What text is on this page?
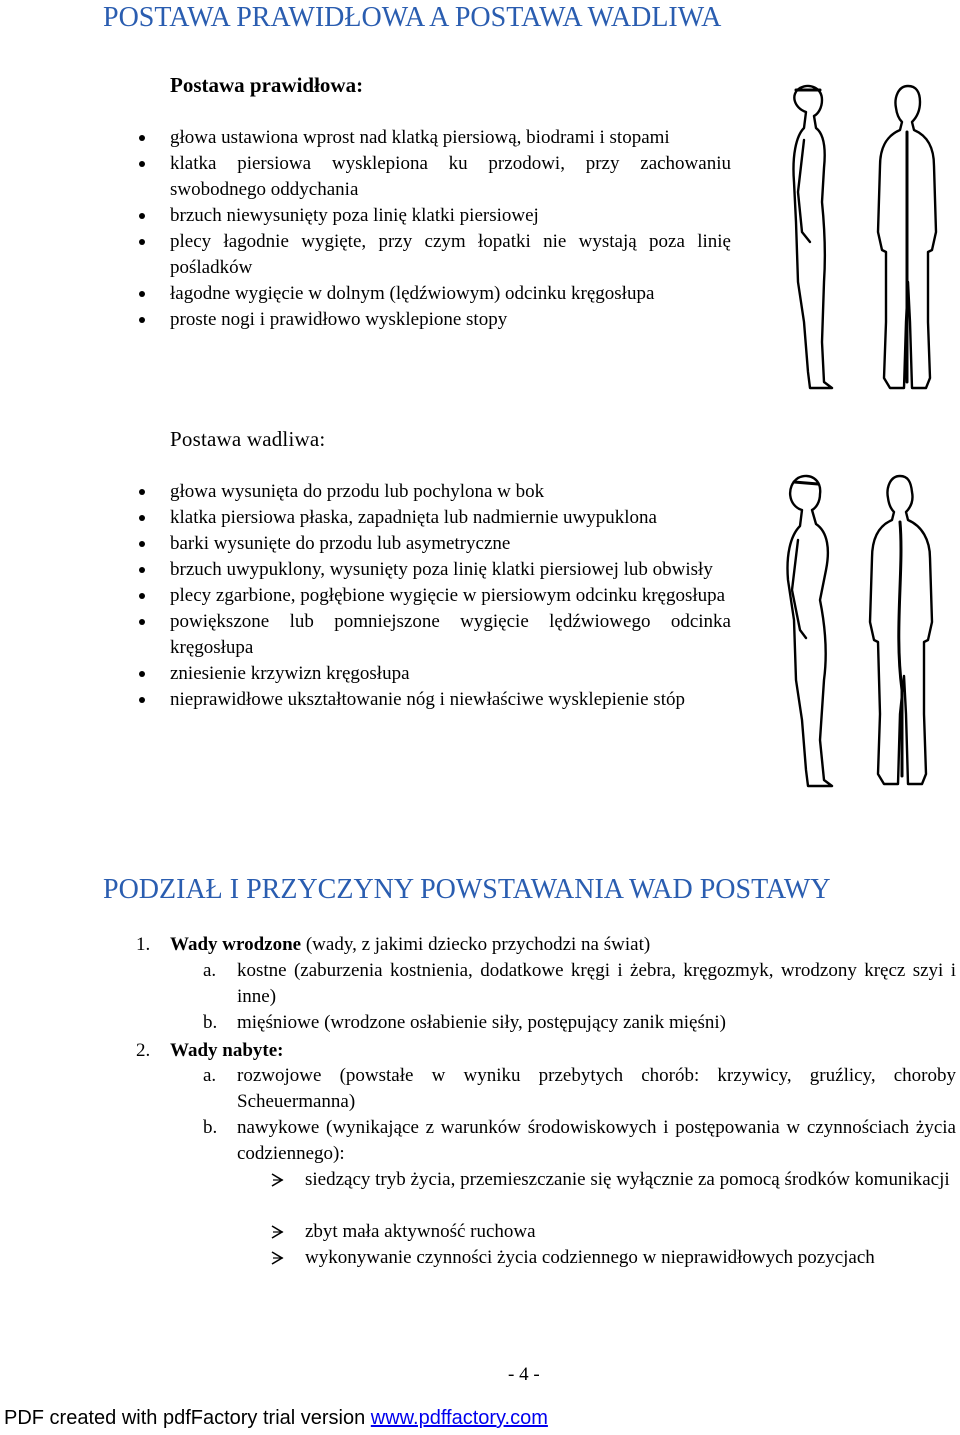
POSTAWA PRAWIDŁOWA A POSTAWA WADLIWA
Postawa prawidłowa:
głowa ustawiona wprost nad klatką piersiową, biodrami i stopami
klatka piersiowa wysklepiona ku przodowi, przy zachowaniu swobodnego oddychania
brzuch niewysunięty poza linię klatki piersiowej
plecy łagodnie wygięte, przy czym łopatki nie wystają poza linię pośladków
łagodne wygięcie w dolnym (lędźwiowym) odcinku kręgosłupa
proste nogi i prawidłowo wysklepione stopy
Postawa wadliwa:
głowa wysunięta do przodu lub pochylona w bok
klatka piersiowa płaska, zapadnięta lub nadmiernie uwypuklona
barki wysunięte do przodu lub asymetryczne
brzuch uwypuklony, wysunięty poza linię klatki piersiowej lub obwisły
plecy zgarbione, pogłębione wygięcie w piersiowym odcinku kręgosłupa
powiększone lub pomniejszone wygięcie lędźwiowego odcinka kręgosłupa
zniesienie krzywizn kręgosłupa
nieprawidłowe ukształtowanie nóg i niewłaściwe wysklepienie stóp
PODZIAŁ I PRZYCZYNY POWSTAWANIA WAD POSTAWY
1. Wady wrodzone (wady, z jakimi dziecko przychodzi na świat)
a. kostne (zaburzenia kostnienia, dodatkowe kręgi i żebra, kręgozmyk, wrodzony kręcz szyi i inne)
b. mięśniowe (wrodzone osłabienie siły, postępujący zanik mięśni)
2. Wady nabyte:
a. rozwojowe (powstałe w wyniku przebytych chorób: krzywicy, gruźlicy, choroby Scheuermanna)
b. nawykowe (wynikające z warunków środowiskowych i postępowania w czynnościach życia codziennego):
siedzący tryb życia, przemieszczanie się wyłącznie za pomocą środków komunikacji
zbyt mała aktywność ruchowa
wykonywanie czynności życia codziennego w nieprawidłowych pozycjach
- 4 -
PDF created with pdfFactory trial version www.pdffactory.com
